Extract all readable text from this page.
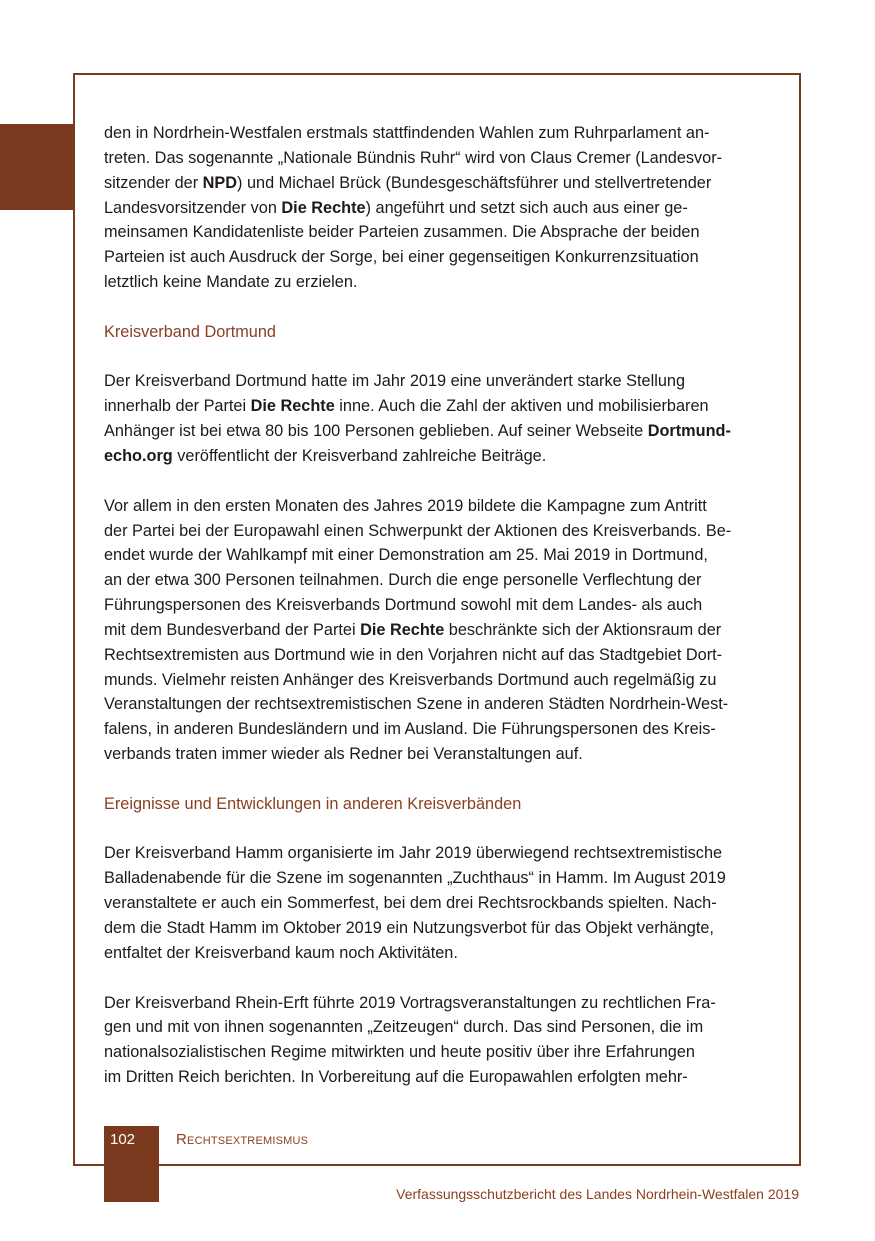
den in Nordrhein-Westfalen erstmals stattfindenden Wahlen zum Ruhrparlament an-

treten. Das sogenannte „Nationale Bündnis Ruhr“ wird von Claus Cremer (Landesvor-

sitzender der NPD) und Michael Brück (Bundesgeschäftsführer und stellvertretender

Landesvorsitzender von Die Rechte) angeführt und setzt sich auch aus einer ge-

meinsamen Kandidatenliste beider Parteien zusammen. Die Absprache der beiden

Parteien ist auch Ausdruck der Sorge, bei einer gegenseitigen Konkurrenzsituation

letztlich keine Mandate zu erzielen.

Kreisverband Dortmund

Der Kreisverband Dortmund hatte im Jahr 2019 eine unverändert starke Stellung

innerhalb der Partei Die Rechte inne. Auch die Zahl der aktiven und mobilisierbaren

Anhänger ist bei etwa 80 bis 100 Personen geblieben. Auf seiner Webseite Dortmund-

echo.org veröffentlicht der Kreisverband zahlreiche Beiträge.

Vor allem in den ersten Monaten des Jahres 2019 bildete die Kampagne zum Antritt

der Partei bei der Europawahl einen Schwerpunkt der Aktionen des Kreisverbands. Be-

endet wurde der Wahlkampf mit einer Demonstration am 25. Mai 2019 in Dortmund,

an der etwa 300 Personen teilnahmen. Durch die enge personelle Verflechtung der

Führungspersonen des Kreisverbands Dortmund sowohl mit dem Landes- als auch

mit dem Bundesverband der Partei Die Rechte beschränkte sich der Aktionsraum der

Rechtsextremisten aus Dortmund wie in den Vorjahren nicht auf das Stadtgebiet Dort-

munds. Vielmehr reisten Anhänger des Kreisverbands Dortmund auch regelmäßig zu

Veranstaltungen der rechtsextremistischen Szene in anderen Städten Nordrhein-West-

falens, in anderen Bundesländern und im Ausland. Die Führungspersonen des Kreis-

verbands traten immer wieder als Redner bei Veranstaltungen auf.

Ereignisse und Entwicklungen in anderen Kreisverbänden

Der Kreisverband Hamm organisierte im Jahr 2019 überwiegend rechtsextremistische

Balladenabende für die Szene im sogenannten „Zuchthaus“ in Hamm. Im August 2019

veranstaltete er auch ein Sommerfest, bei dem drei Rechtsrockbands spielten. Nach-

dem die Stadt Hamm im Oktober 2019 ein Nutzungsverbot für das Objekt verhängte,

entfaltet der Kreisverband kaum noch Aktivitäten.

Der Kreisverband Rhein-Erft führte 2019 Vortragsveranstaltungen zu rechtlichen Fra-

gen und mit von ihnen sogenannten „Zeitzeugen“ durch. Das sind Personen, die im

nationalsozialistischen Regime mitwirkten und heute positiv über ihre Erfahrungen

im Dritten Reich berichten. In Vorbereitung auf die Europawahlen erfolgten mehr-

102	Rechtsextremismus
Verfassungsschutzbericht des Landes Nordrhein-Westfalen 2019
